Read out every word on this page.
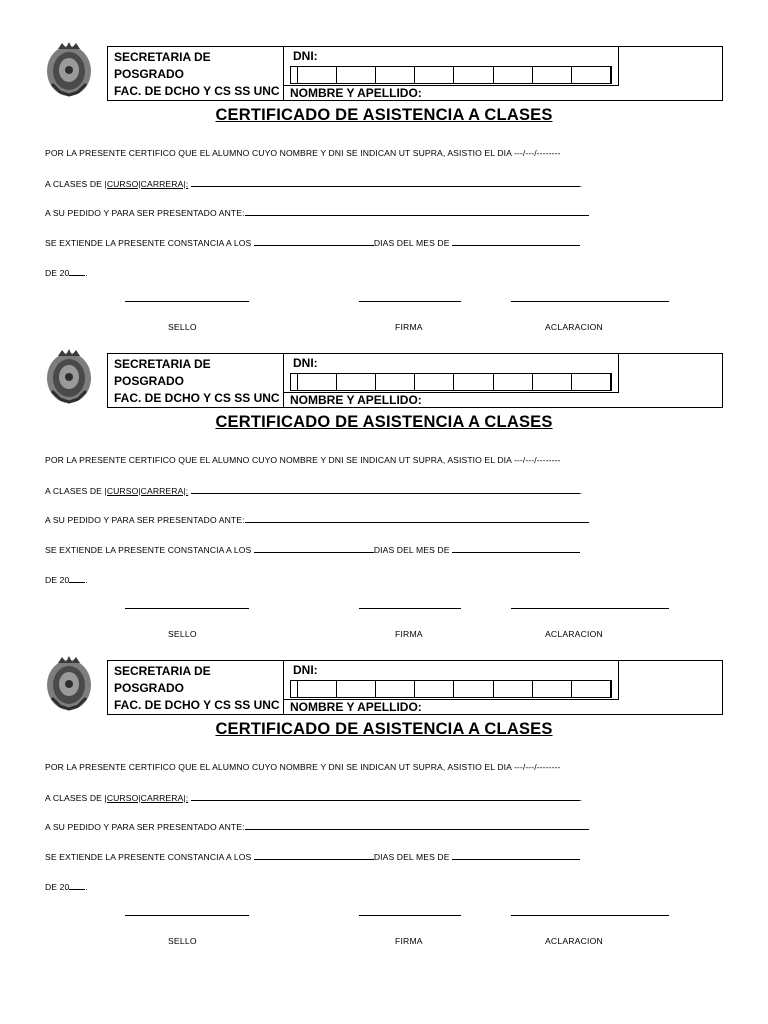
SECRETARIA DE POSGRADO
FAC. DE DCHO Y CS SS UNC
DNI:
NOMBRE Y APELLIDO:
CERTIFICADO DE ASISTENCIA A CLASES
POR LA PRESENTE CERTIFICO QUE EL ALUMNO CUYO NOMBRE Y DNI SE INDICAN UT SUPRA, ASISTIO EL DIA ---/---/--------
A CLASES DE |CURSO|CARRERA|:	.
A SU PEDIDO Y PARA SER PRESENTADO ANTE:
SE EXTIENDE LA PRESENTE CONSTANCIA A LOS	DIAS DEL MES DE
DE 20 .
SELLO	FIRMA	ACLARACION
SECRETARIA DE POSGRADO
FAC. DE DCHO Y CS SS UNC
DNI:
NOMBRE Y APELLIDO:
CERTIFICADO DE ASISTENCIA A CLASES
POR LA PRESENTE CERTIFICO QUE EL ALUMNO CUYO NOMBRE Y DNI SE INDICAN UT SUPRA, ASISTIO EL DIA ---/---/--------
A CLASES DE |CURSO|CARRERA|:	.
A SU PEDIDO Y PARA SER PRESENTADO ANTE:
SE EXTIENDE LA PRESENTE CONSTANCIA A LOS	DIAS DEL MES DE
DE 20 .
SELLO	FIRMA	ACLARACION
SECRETARIA DE POSGRADO
FAC. DE DCHO Y CS SS UNC
DNI:
NOMBRE Y APELLIDO:
CERTIFICADO DE ASISTENCIA A CLASES
POR LA PRESENTE CERTIFICO QUE EL ALUMNO CUYO NOMBRE Y DNI SE INDICAN UT SUPRA, ASISTIO EL DIA ---/---/--------
A CLASES DE |CURSO|CARRERA|:	.
A SU PEDIDO Y PARA SER PRESENTADO ANTE:
SE EXTIENDE LA PRESENTE CONSTANCIA A LOS	DIAS DEL MES DE
DE 20 .
SELLO	FIRMA	ACLARACION
